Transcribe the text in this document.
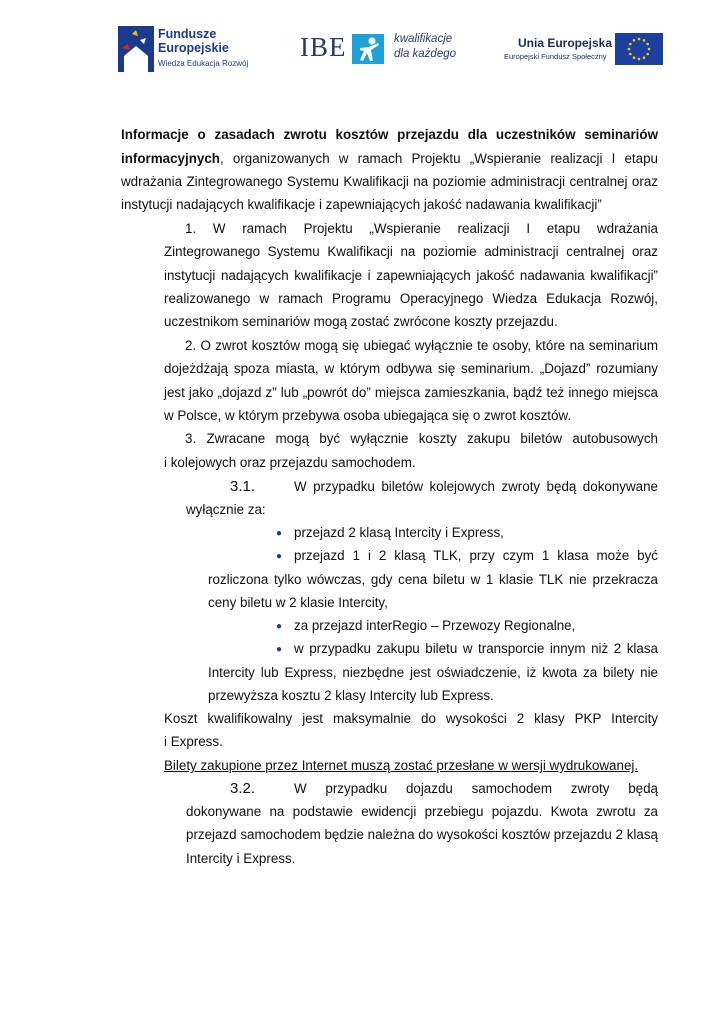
Fundusze
Europejskie
Wiedza Edukacja Rozwój
IBE	kwalifikacje
dla każdego
Unia Europejska
Europejski Fundusz Społeczny
Informacje o zasadach zwrotu kosztów przejazdu dla uczestników seminariów
informacyjnych, organizowanych w ramach Projektu „Wspieranie realizacji I etapu
wdrażania Zintegrowanego Systemu Kwalifikacji na poziomie administracji centralnej oraz
instytucji nadających kwalifikacje i zapewniających jakość nadawania kwalifikacji”
1. W ramach Projektu „Wspieranie realizacji I etapu wdrażania
Zintegrowanego Systemu Kwalifikacji na poziomie administracji centralnej oraz
instytucji nadających kwalifikacje i zapewniających jakość nadawania kwalifikacji”
realizowanego w ramach Programu Operacyjnego Wiedza Edukacja Rozwój,
uczestnikom seminariów mogą zostać zwrócone koszty przejazdu.
2. O zwrot kosztów mogą się ubiegać wyłącznie te osoby, które na seminarium
dojeżdżają spoza miasta, w którym odbywa się seminarium. „Dojazd” rozumiany
jest jako „dojazd z” lub „powrót do” miejsca zamieszkania, bądź też innego miejsca
w Polsce, w którym przebywa osoba ubiegająca się o zwrot kosztów.
3. Zwracane mogą być wyłącznie koszty zakupu biletów autobusowych
i kolejowych oraz przejazdu samochodem.
3.1.	W przypadku biletów kolejowych zwroty będą dokonywane
wyłącznie za:
● przejazd 2 klasą Intercity i Express,
● przejazd 1 i 2 klasą TLK, przy czym 1 klasa może być
rozliczona tylko wówczas, gdy cena biletu w 1 klasie TLK nie przekracza
ceny biletu w 2 klasie Intercity,
● za przejazd interRegio – Przewozy Regionalne,
● w przypadku zakupu biletu w transporcie innym niż 2 klasa
Intercity lub Express, niezbędne jest oświadczenie, iż kwota za bilety nie
przewyższa kosztu 2 klasy Intercity lub Express.
Koszt kwalifikowalny jest maksymalnie do wysokości 2 klasy PKP Intercity
i Express.
Bilety zakupione przez Internet muszą zostać przesłane w wersji wydrukowanej.
3.2.	W przypadku dojazdu samochodem zwroty będą
dokonywane na podstawie ewidencji przebiegu pojazdu. Kwota zwrotu za
przejazd samochodem będzie należna do wysokości kosztów przejazdu 2 klasą
Intercity i Express.
